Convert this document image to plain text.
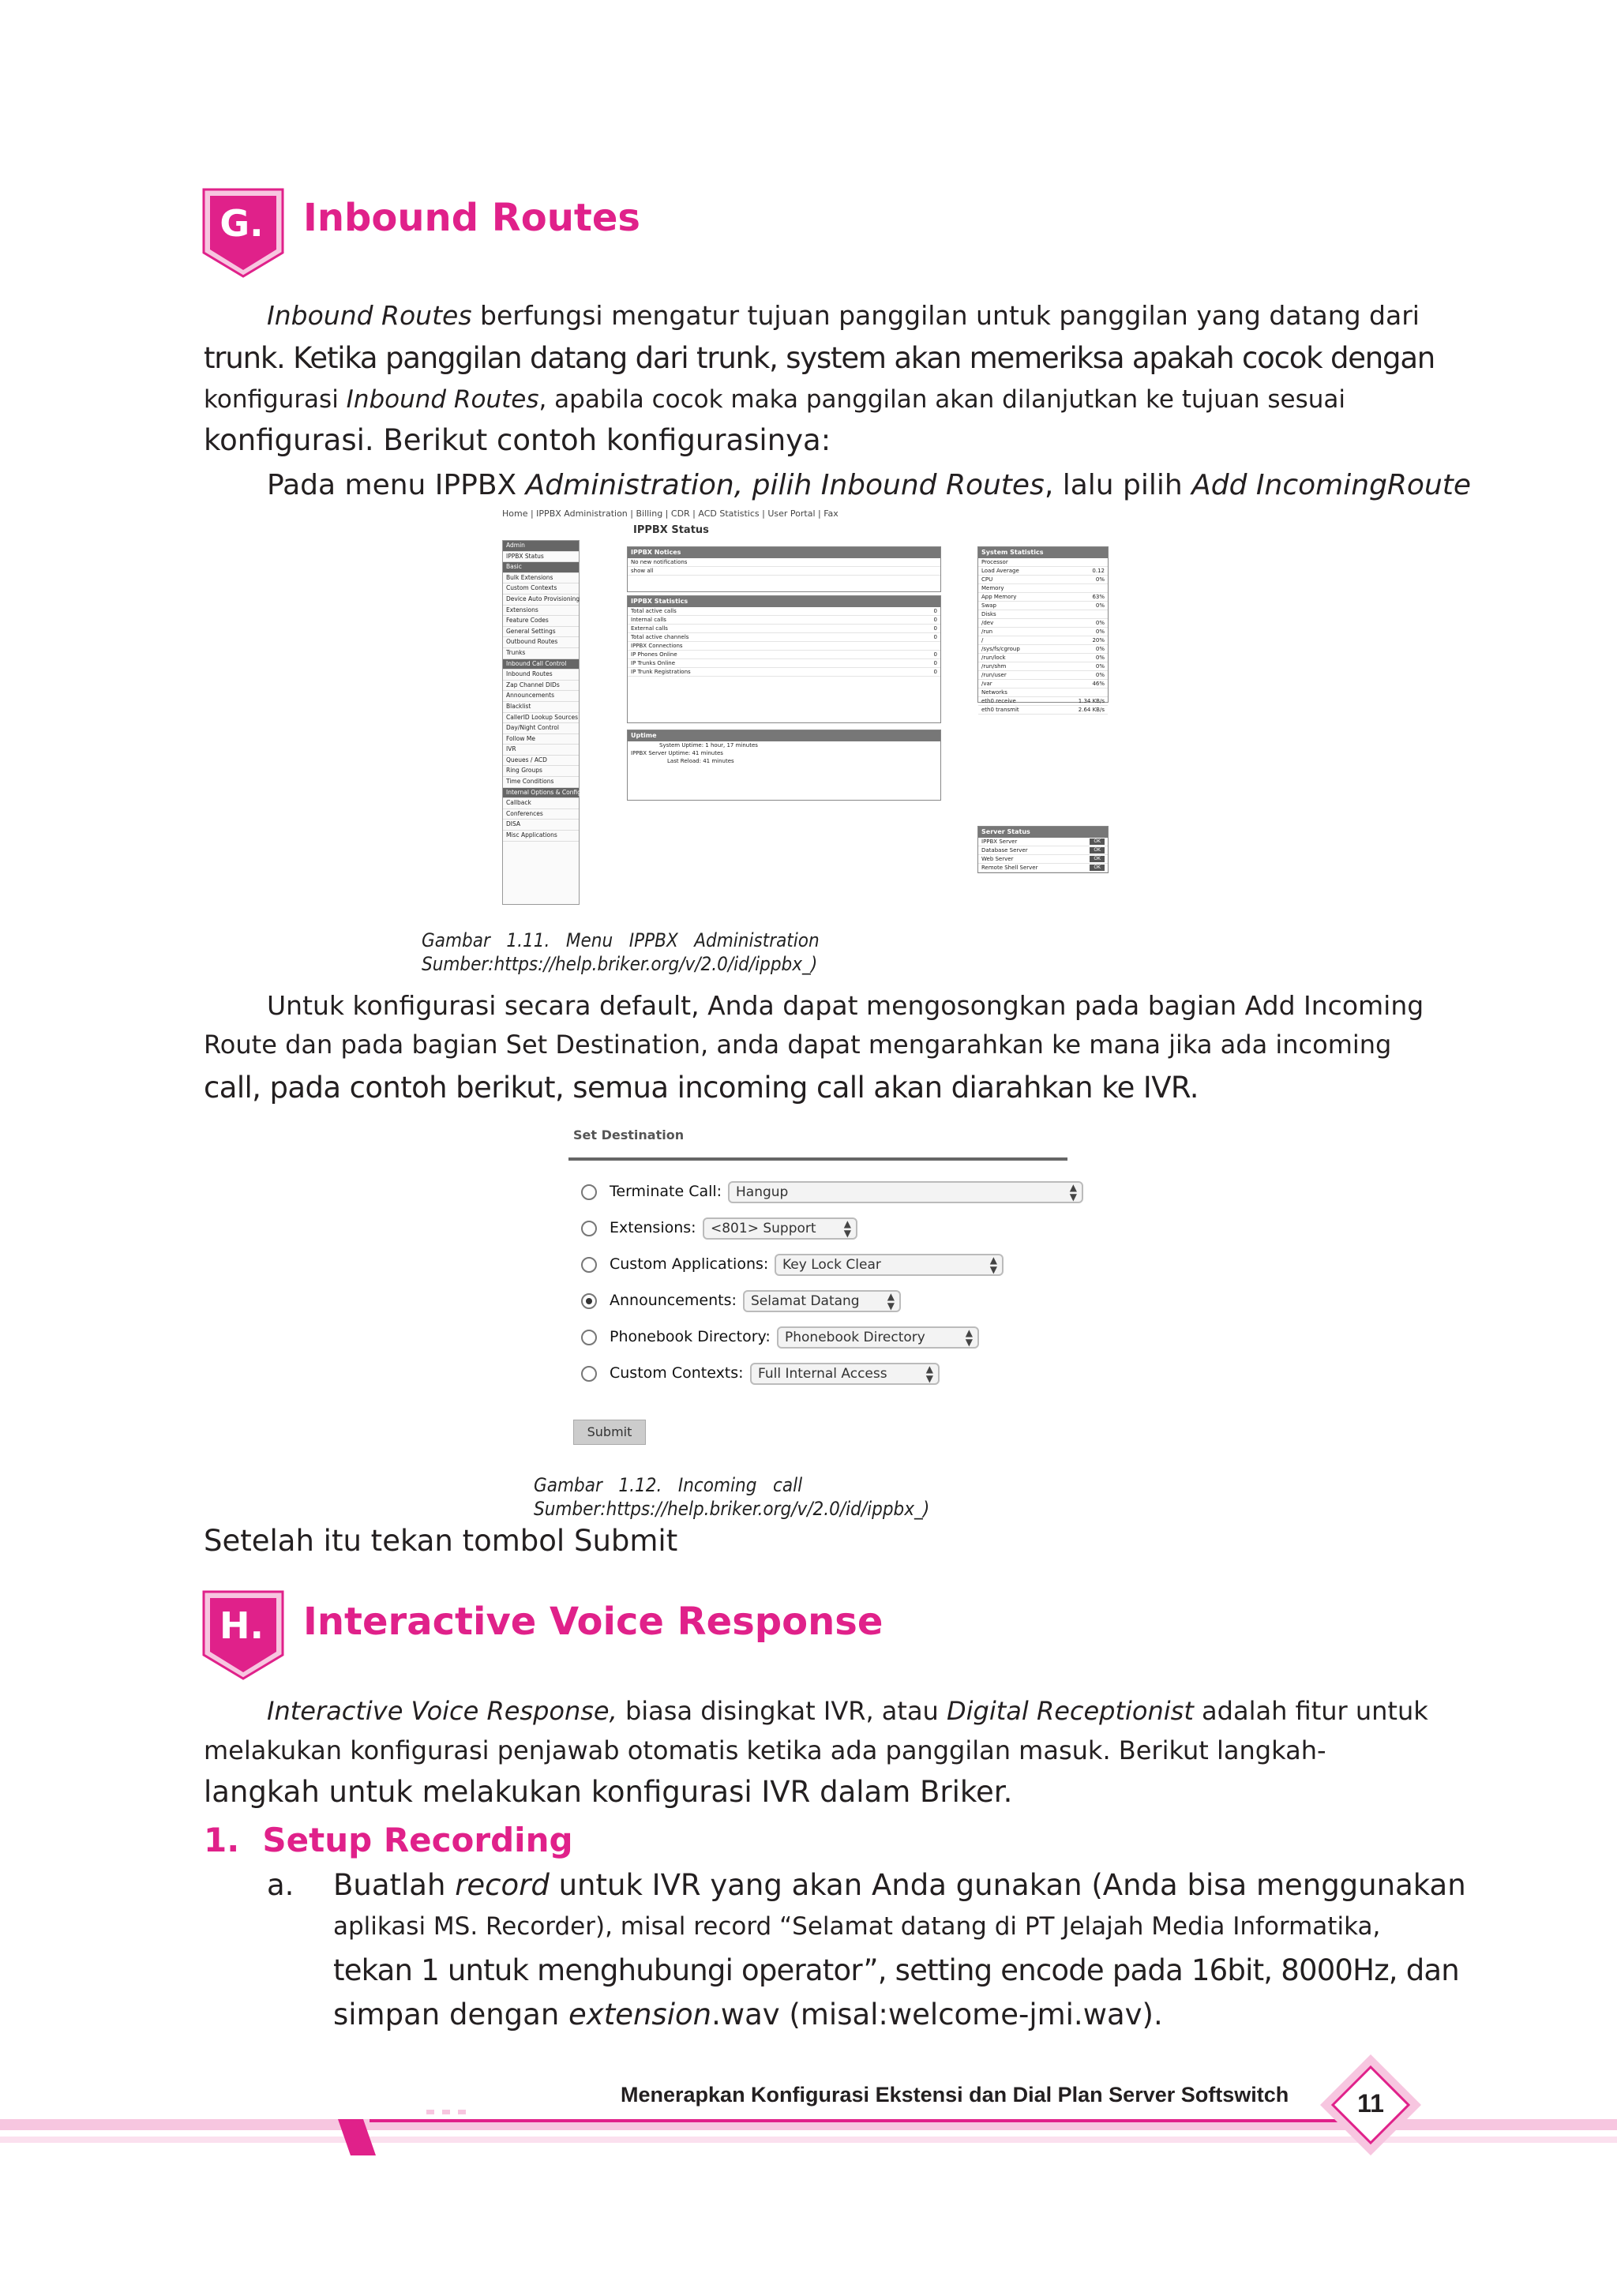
G.	Inbound Routes
Inbound Routes berfungsi mengatur tujuan panggilan untuk panggilan yang datang dari
trunk. Ketika panggilan datang dari trunk, system akan memeriksa apakah cocok dengan
konfigurasi Inbound Routes, apabila cocok maka panggilan akan dilanjutkan ke tujuan sesuai
konfigurasi. Berikut contoh konfigurasinya:
Pada menu IPPBX Administration, pilih Inbound Routes, lalu pilih Add IncomingRoute
Home | IPPBX Administration | Billing | CDR | ACD Statistics | User Portal | Fax
IPPBX Status
Admin
IPPBX Status
Basic
Bulk Extensions
Custom Contexts
Device Auto Provisioning
Extensions
Feature Codes
General Settings
Outbound Routes
Trunks
Inbound Call Control
Inbound Routes
Zap Channel DIDs
Announcements
Blacklist
CallerID Lookup Sources
Day/Night Control
Follow Me
IVR
Queues / ACD
Ring Groups
Time Conditions
Internal Options & Configuration
Callback
Conferences
DISA
Misc Applications
IPPBX Notices
No new notifications
show all
IPPBX Statistics
Total active calls	0
Internal calls	0
External calls	0
Total active channels	0
IPPBX Connections
IP Phones Online	0
IP Trunks Online	0
IP Trunk Registrations	0
Uptime
System Uptime: 1 hour, 17 minutes
IPPBX Server Uptime: 41 minutes
Last Reload: 41 minutes
System Statistics
Processor
Load Average	0.12
CPU	0%
Memory
App Memory	63%
Swap	0%
Disks
/dev	0%
/run	0%
/	20%
/sys/fs/cgroup	0%
/run/lock	0%
/run/shm	0%
/run/user	0%
/var	46%
Networks
eth0 receive	1.34 KB/s
eth0 transmit	2.64 KB/s
Server Status
IPPBX Server	OK
Database Server	OK
Web Server	OK
Remote Shell Server	OK
Gambar   1.11.   Menu   IPPBX   Administration
Sumber:https://help.briker.org/v/2.0/id/ippbx_)
Untuk konfigurasi secara default, Anda dapat mengosongkan pada bagian Add Incoming
Route dan pada bagian Set Destination, anda dapat mengarahkan ke mana jika ada incoming
call, pada contoh berikut, semua incoming call akan diarahkan ke IVR.
Set Destination
Terminate Call:	Hangup	▲
▼
Extensions:	<801> Support	▲
▼
Custom Applications:	Key Lock Clear	▲
▼
Announcements:	Selamat Datang	▲
▼
Phonebook Directory:	Phonebook Directory	▲
▼
Custom Contexts:	Full Internal Access	▲
▼
Submit
Gambar   1.12.   Incoming   call
Sumber:https://help.briker.org/v/2.0/id/ippbx_)
Setelah itu tekan tombol Submit
H.	Interactive Voice Response
Interactive Voice Response, biasa disingkat IVR, atau Digital Receptionist adalah fitur untuk
melakukan konfigurasi penjawab otomatis ketika ada panggilan masuk. Berikut langkah-
langkah untuk melakukan konfigurasi IVR dalam Briker.
1.  Setup Recording
a. Buatlah record untuk IVR yang akan Anda gunakan (Anda bisa menggunakan
aplikasi MS. Recorder), misal record “Selamat datang di PT Jelajah Media Informatika,
tekan 1 untuk menghubungi operator”, setting encode pada 16bit, 8000Hz, dan
simpan dengan extension.wav (misal:welcome-jmi.wav).
Menerapkan Konfigurasi Ekstensi dan Dial Plan Server Softswitch	11
